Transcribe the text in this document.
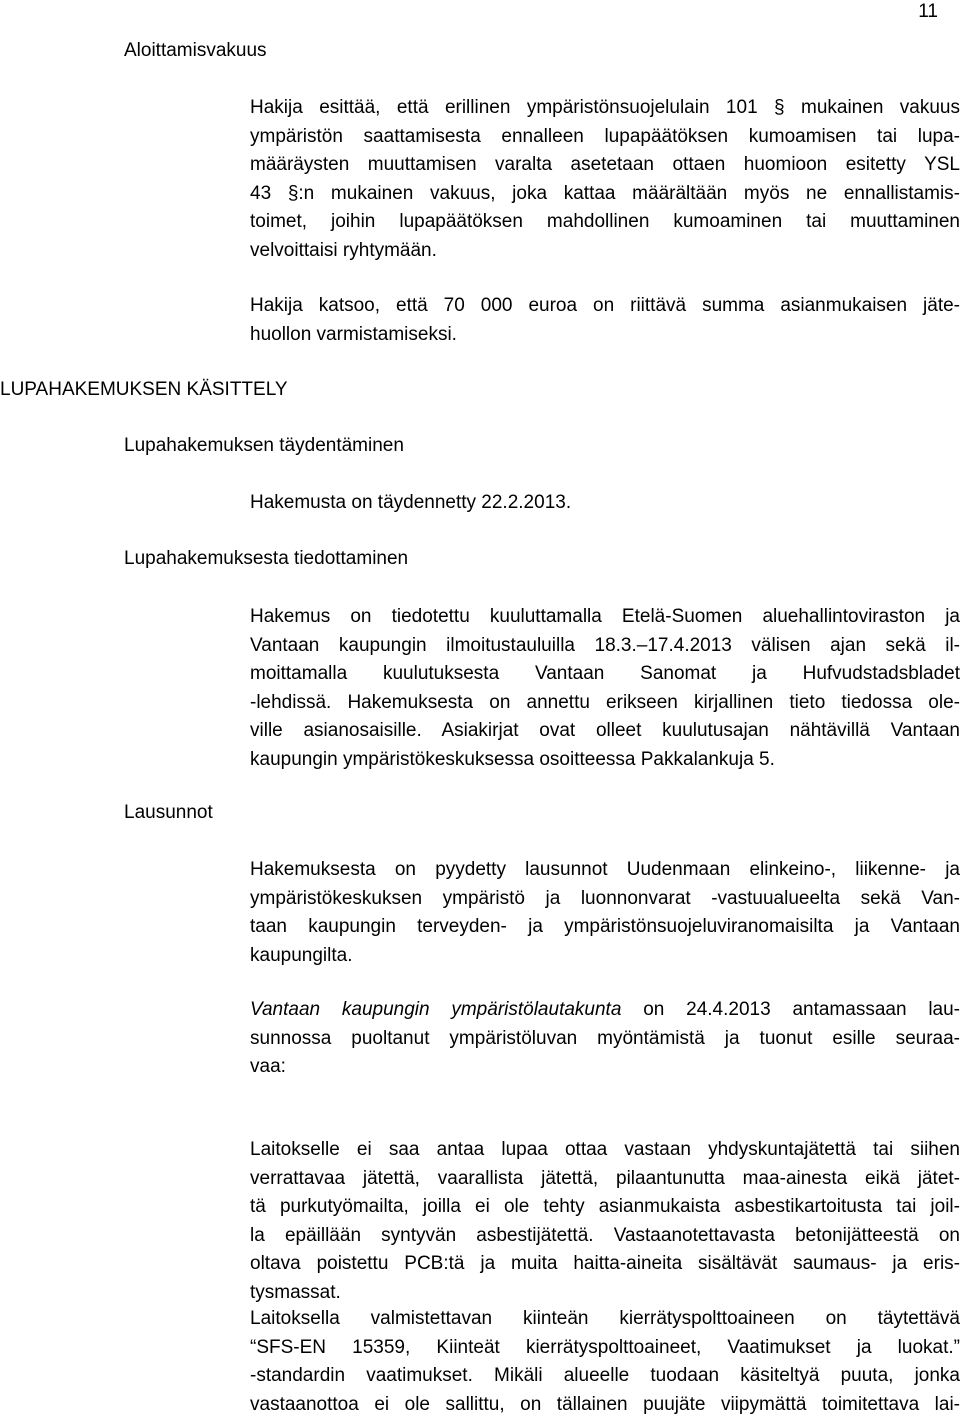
11
Aloittamisvakuus
Hakija esittää, että erillinen ympäristönsuojelulain 101 § mukainen vakuus
ympäristön saattamisesta ennalleen lupapäätöksen kumoamisen tai lupa-
määräysten muuttamisen varalta asetetaan ottaen huomioon esitetty YSL
43 §:n mukainen vakuus, joka kattaa määrältään myös ne ennallistamis-
toimet, joihin lupapäätöksen mahdollinen kumoaminen tai muuttaminen
velvoittaisi ryhtymään.
Hakija katsoo, että 70 000 euroa on riittävä summa asianmukaisen jäte-
huollon varmistamiseksi.
LUPAHAKEMUKSEN KÄSITTELY
Lupahakemuksen täydentäminen
Hakemusta on täydennetty 22.2.2013.
Lupahakemuksesta tiedottaminen
Hakemus on tiedotettu kuuluttamalla Etelä-Suomen aluehallintoviraston ja
Vantaan kaupungin ilmoitustauluilla 18.3.–17.4.2013 välisen ajan sekä il-
moittamalla kuulutuksesta Vantaan Sanomat ja Hufvudstadsbladet
-lehdissä. Hakemuksesta on annettu erikseen kirjallinen tieto tiedossa ole-
ville asianosaisille. Asiakirjat ovat olleet kuulutusajan nähtävillä Vantaan
kaupungin ympäristökeskuksessa osoitteessa Pakkalankuja 5.
Lausunnot
Hakemuksesta on pyydetty lausunnot Uudenmaan elinkeino-, liikenne- ja
ympäristökeskuksen ympäristö ja luonnonvarat -vastuualueelta sekä Van-
taan kaupungin terveyden- ja ympäristönsuojeluviranomaisilta ja Vantaan
kaupungilta.
Vantaan kaupungin ympäristölautakunta on 24.4.2013 antamassaan lau-
sunnossa puoltanut ympäristöluvan myöntämistä ja tuonut esille seuraa-
vaa:
Laitokselle ei saa antaa lupaa ottaa vastaan yhdyskuntajätettä tai siihen
verrattavaa jätettä, vaarallista jätettä, pilaantunutta maa-ainesta eikä jätet-
tä purkutyömailta, joilla ei ole tehty asianmukaista asbestikartoitusta tai joil-
la epäillään syntyvän asbestijätettä. Vastaanotettavasta betonijätteestä on
oltava poistettu PCB:tä ja muita haitta-aineita sisältävät saumaus- ja eris-
tysmassat.
Laitoksella valmistettavan kiinteän kierrätyspolttoaineen on täytettävä
“SFS-EN 15359, Kiinteät kierrätyspolttoaineet, Vaatimukset ja luokat.”
-standardin vaatimukset. Mikäli alueelle tuodaan käsiteltyä puuta, jonka
vastaanottoa ei ole sallittu, on tällainen puujäte viipymättä toimitettava lai-
